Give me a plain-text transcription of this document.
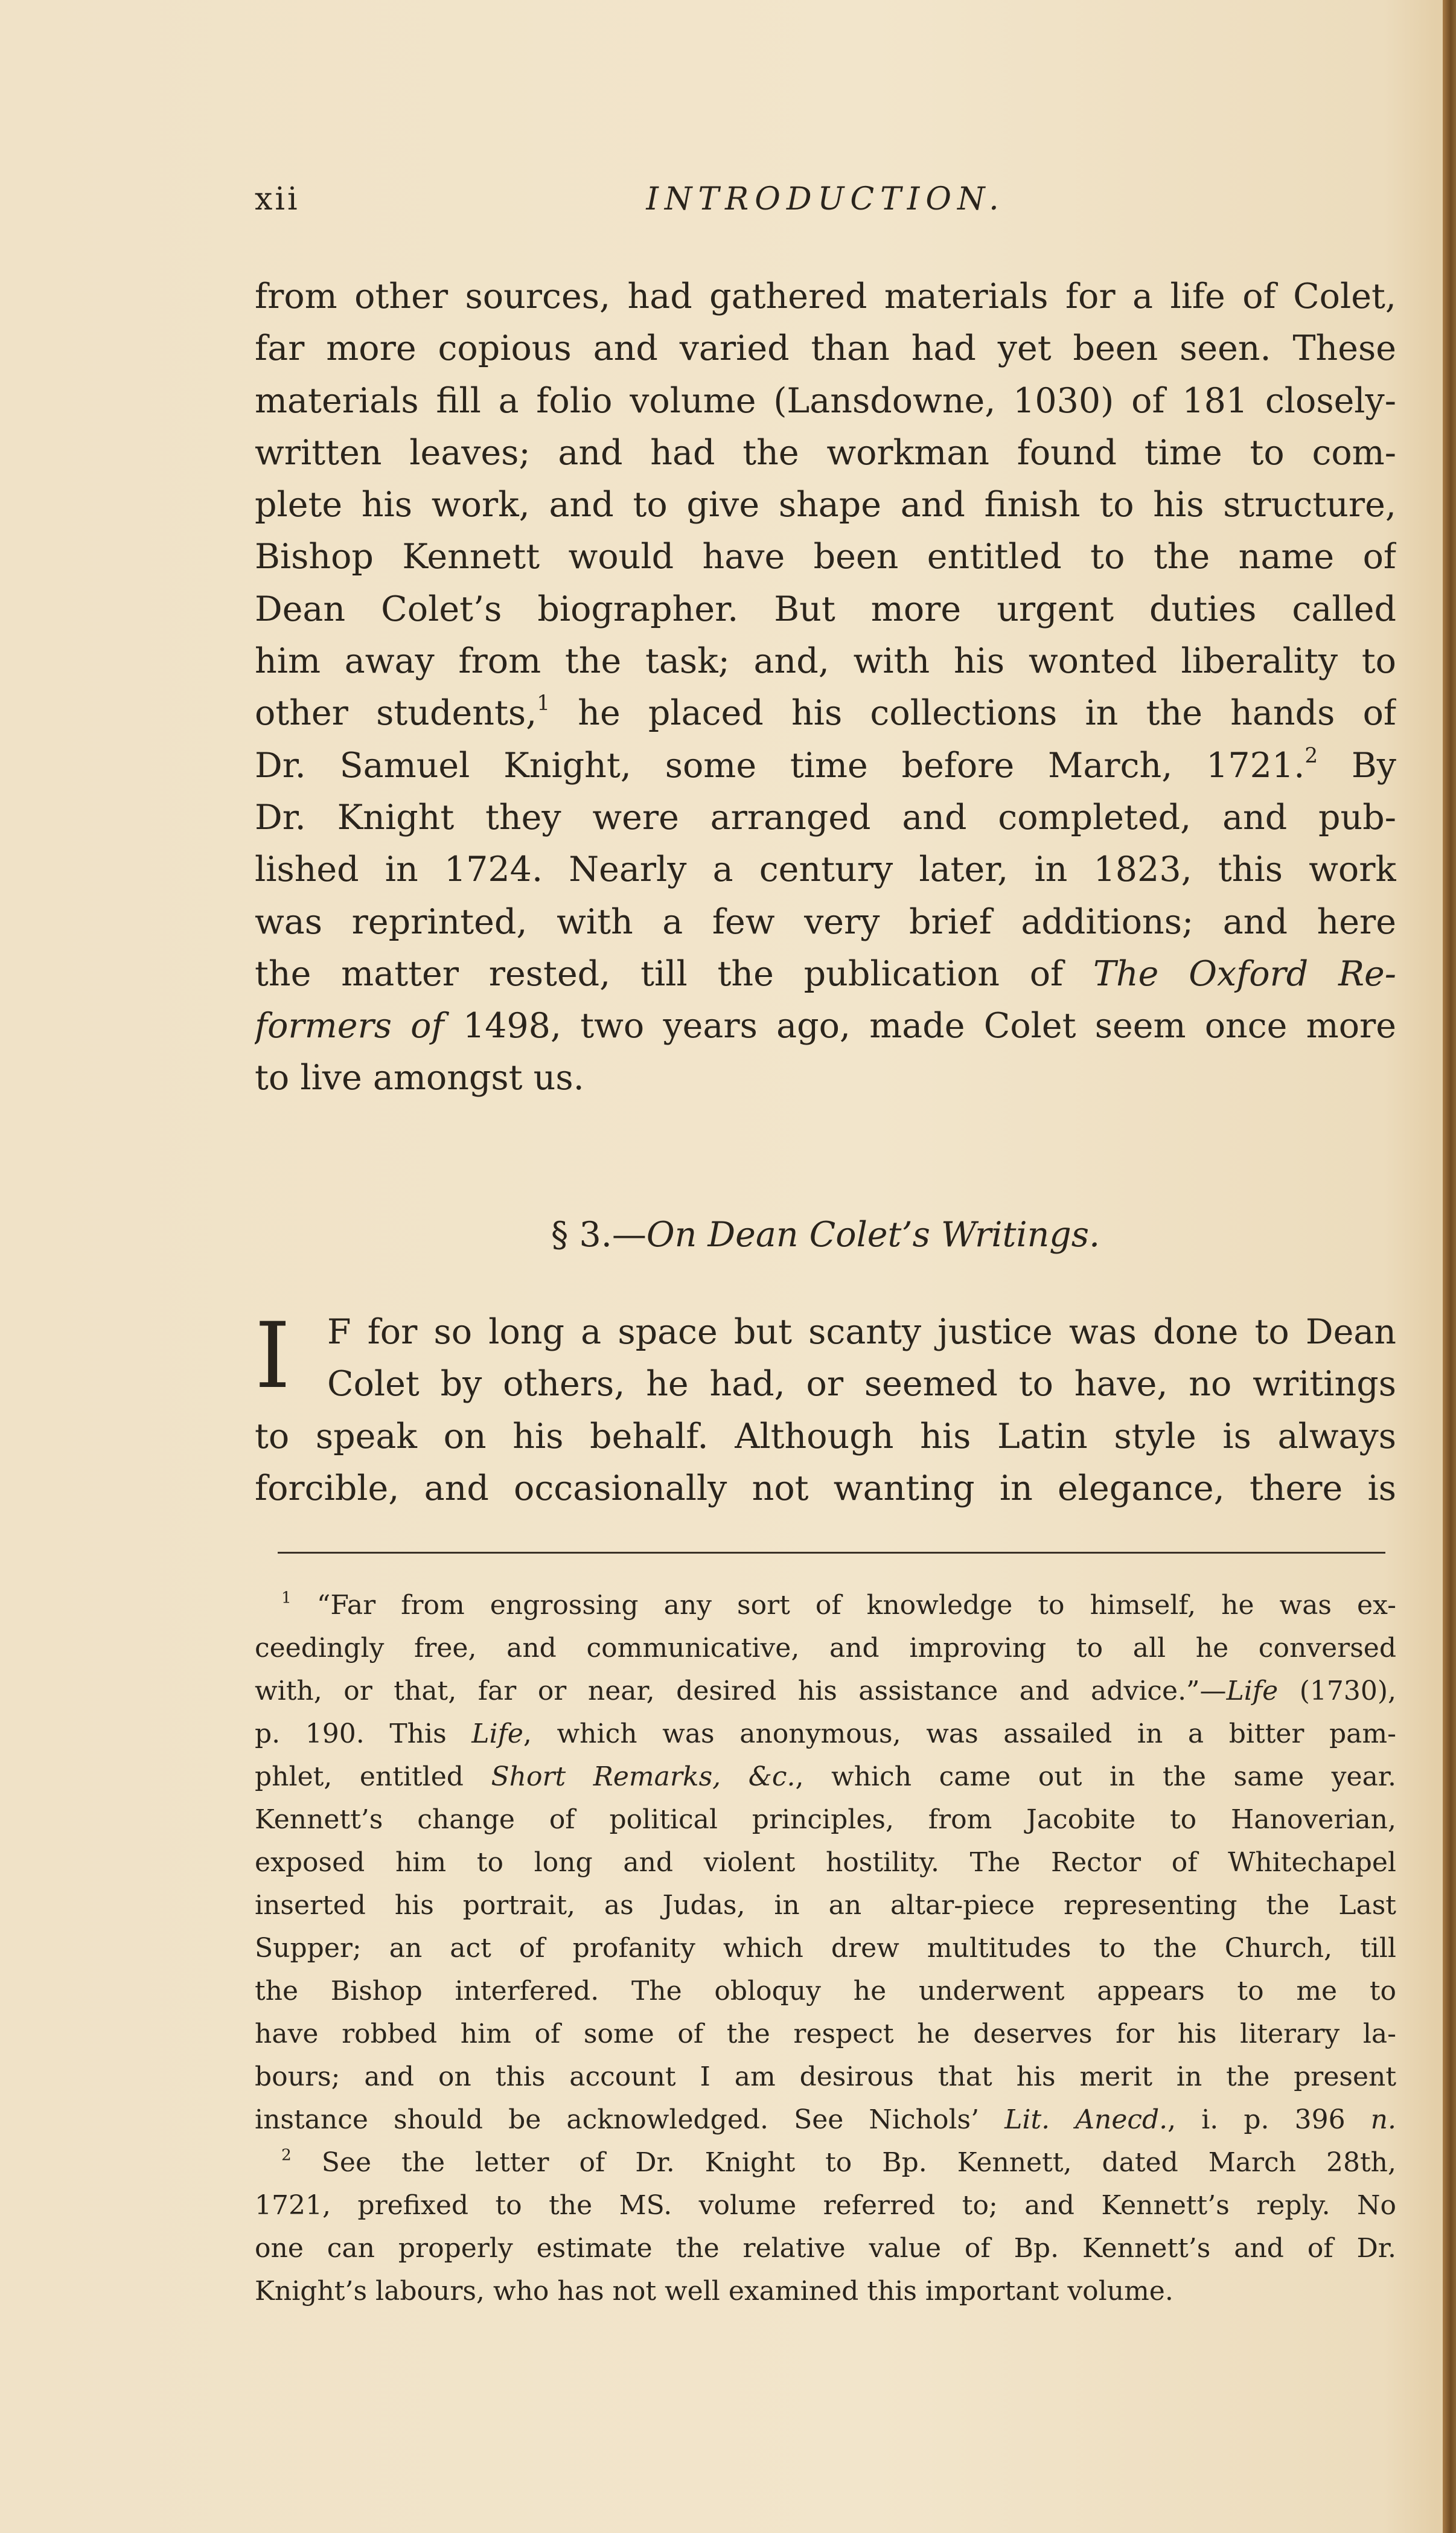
xii	INTRODUCTION.
from other sources, had gathered materials for a life of Colet,
far more copious and varied than had yet been seen. These
materials fill a folio volume (Lansdowne, 1030) of 181 closely-
written leaves; and had the workman found time to com-
plete his work, and to give shape and finish to his structure,
Bishop Kennett would have been entitled to the name of
Dean Colet’s biographer. But more urgent duties called
him away from the task; and, with his wonted liberality to
other students,$^1$ he placed his collections in the hands of
Dr. Samuel Knight, some time before March, 1721.$^2$ By
Dr. Knight they were arranged and completed, and pub-
lished in 1724. Nearly a century later, in 1823, this work
was reprinted, with a few very brief additions; and here
the matter rested, till the publication of The Oxford Re-
formers of 1498, two years ago, made Colet seem once more
to live amongst us.
§ 3.—On Dean Colet’s Writings.
I F for so long a space but scanty justice was done to Dean
Colet by others, he had, or seemed to have, no writings
to speak on his behalf. Although his Latin style is always
forcible, and occasionally not wanting in elegance, there is
$^1$ “Far from engrossing any sort of knowledge to himself, he was ex-
ceedingly free, and communicative, and improving to all he conversed
with, or that, far or near, desired his assistance and advice.”—Life (1730),
p. 190. This Life, which was anonymous, was assailed in a bitter pam-
phlet, entitled Short Remarks, &c., which came out in the same year.
Kennett’s change of political principles, from Jacobite to Hanoverian,
exposed him to long and violent hostility. The Rector of Whitechapel
inserted his portrait, as Judas, in an altar-piece representing the Last
Supper; an act of profanity which drew multitudes to the Church, till
the Bishop interfered. The obloquy he underwent appears to me to
have robbed him of some of the respect he deserves for his literary la-
bours; and on this account I am desirous that his merit in the present
instance should be acknowledged. See Nichols’ Lit. Anecd., i. p. 396 n.
$^2$ See the letter of Dr. Knight to Bp. Kennett, dated March 28th,
1721, prefixed to the MS. volume referred to; and Kennett’s reply. No
one can properly estimate the relative value of Bp. Kennett’s and of Dr.
Knight’s labours, who has not well examined this important volume.
